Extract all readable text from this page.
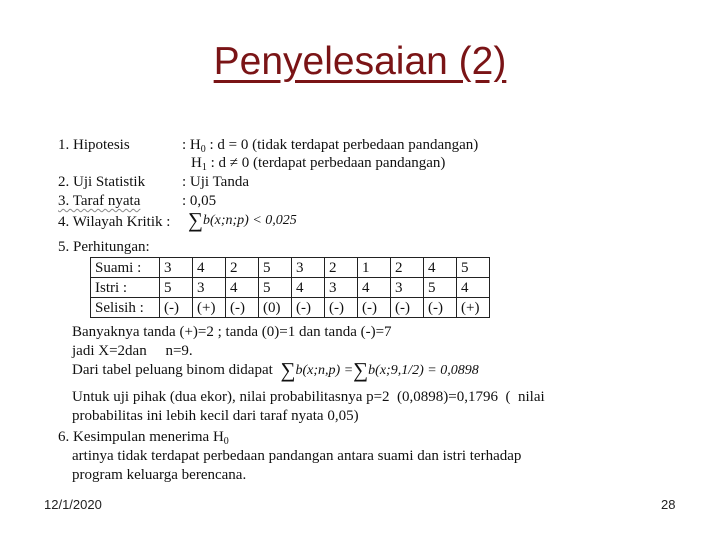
Penyelesaian (2)
1. Hipotesis	: $H_0$ : d = 0 (tidak terdapat perbedaan pandangan)
$H_1$ : d ≠ 0 (terdapat perbedaan pandangan)
2. Uji Statistik : Uji Tanda
3. Taraf nyata	: 0,05
4. Wilayah Kritik : ∑b(x;n;p) < 0,025
5. Perhitungan:
Suami :	3	4	2	5	3	2	1	2	4	5
Istri :	5	3	4	5	4	3	4	3	5	4
Selisih :	(-)	(+)	(-)	(0)	(-)	(-)	(-)	(-)	(-)	(+)
Banyaknya tanda (+)=2 ; tanda (0)=1 dan tanda (-)=7
jadi X=2dan     n=9.
Dari tabel peluang binom didapat ∑b(x;n,p) =∑b(x;9,1/2) = 0,0898
Untuk uji pihak (dua ekor), nilai probabilitasnya p=2  (0,0898)=0,1796  (  nilai
probabilitas ini lebih kecil dari taraf nyata 0,05)
6. Kesimpulan menerima $H_0$
artinya tidak terdapat perbedaan pandangan antara suami dan istri terhadap
program keluarga berencana.
12/1/2020	28
